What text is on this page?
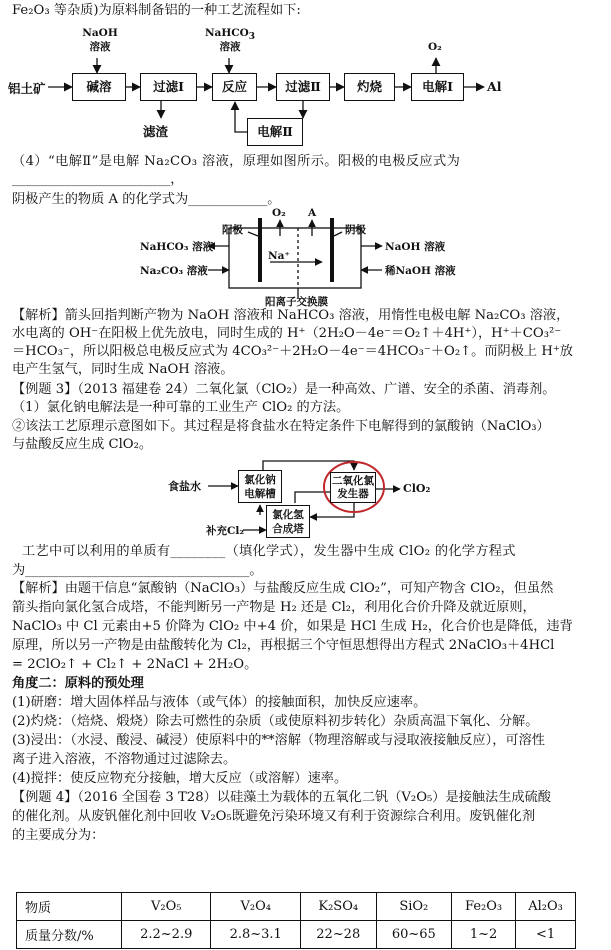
Fe₂O₃ 等杂质)为原料制备铝的一种工艺流程如下:
NaOH
溶液
NaHCO$_3$
溶液	O₂
铝土矿	碱溶	过滤Ⅰ	反应	过滤Ⅱ	灼烧	电解Ⅰ
电解Ⅱ
Al
滤渣
（4）“电解Ⅱ”是电解 Na₂CO₃ 溶液，原理如图所示。阳极的电极反应式为
________________________，
阴极产生的物质 A 的化学式为____________。
O₂ A
阳极	阴极
NaHCO₃ 溶液
Na₂CO₃ 溶液
NaOH 溶液
稀NaOH 溶液
Na⁺
阳离子交换膜
【解析】箭头回指判断产物为 NaOH 溶液和 NaHCO₃ 溶液，用惰性电极电解 Na₂CO₃ 溶液，
水电离的 OH⁻在阳极上优先放电，同时生成的 H⁺（2H₂O－4e⁻＝O₂↑＋4H⁺），H⁺＋CO₃²⁻
＝HCO₃⁻，所以阳极总电极反应式为 4CO₃²⁻＋2H₂O－4e⁻＝4HCO₃⁻＋O₂↑。而阴极上 H⁺放
电产生氢气，同时生成 NaOH 溶液。
【例题 3】（2013 福建卷 24）二氧化氯（ClO₂）是一种高效、广谱、安全的杀菌、消毒剂。
（1）氯化钠电解法是一种可靠的工业生产 ClO₂ 的方法。
②该法工艺原理示意图如下。其过程是将食盐水在特定条件下电解得到的氯酸钠（NaClO₃）
与盐酸反应生成 ClO₂。
食盐水	氯化钠
电解槽
二氧化氯
发生器
氯化氢
合成塔
ClO₂
补充Cl₂
工艺中可以利用的单质有________（填化学式），发生器中生成 ClO₂ 的化学方程式
为__________________________________。
【解析】由题干信息“氯酸钠（NaClO₃）与盐酸反应生成 ClO₂”，可知产物含 ClO₂，但虽然
箭头指向氯化氢合成塔，不能判断另一产物是 H₂ 还是 Cl₂，利用化合价升降及就近原则，
NaClO₃ 中 Cl 元素由+5 价降为 ClO₂ 中+4 价，如果是 HCl 生成 H₂，化合价也是降低，违背
原理，所以另一产物是由盐酸转化为 Cl₂，再根据三个守恒思想得出方程式 2NaClO₃＋4HCl
= 2ClO₂↑ + Cl₂↑ + 2NaCl + 2H₂O。
角度二：原料的预处理
(1)研磨：增大固体样品与液体（或气体）的接触面积，加快反应速率。
(2)灼烧：（焙烧、煅烧）除去可燃性的杂质（或使原料初步转化）杂质高温下氧化、分解。
(3)浸出：（水浸、酸浸、碱浸）使原料中的**溶解（物理溶解或与浸取液接触反应），可溶性
离子进入溶液，不溶物通过过滤除去。
(4)搅拌：使反应物充分接触，增大反应（或溶解）速率。
【例题 4】（2016 全国卷 3 T28）以硅藻土为载体的五氧化二钒（V₂O₅）是接触法生成硫酸
的催化剂。从废钒催化剂中回收 V₂O₅既避免污染环境又有利于资源综合利用。废钒催化剂
的主要成分为：
物质	V₂O₅	V₂O₄	K₂SO₄	SiO₂	Fe₂O₃	Al₂O₃
质量分数/%	2.2~2.9	2.8~3.1	22~28	60~65	1~2	<1
